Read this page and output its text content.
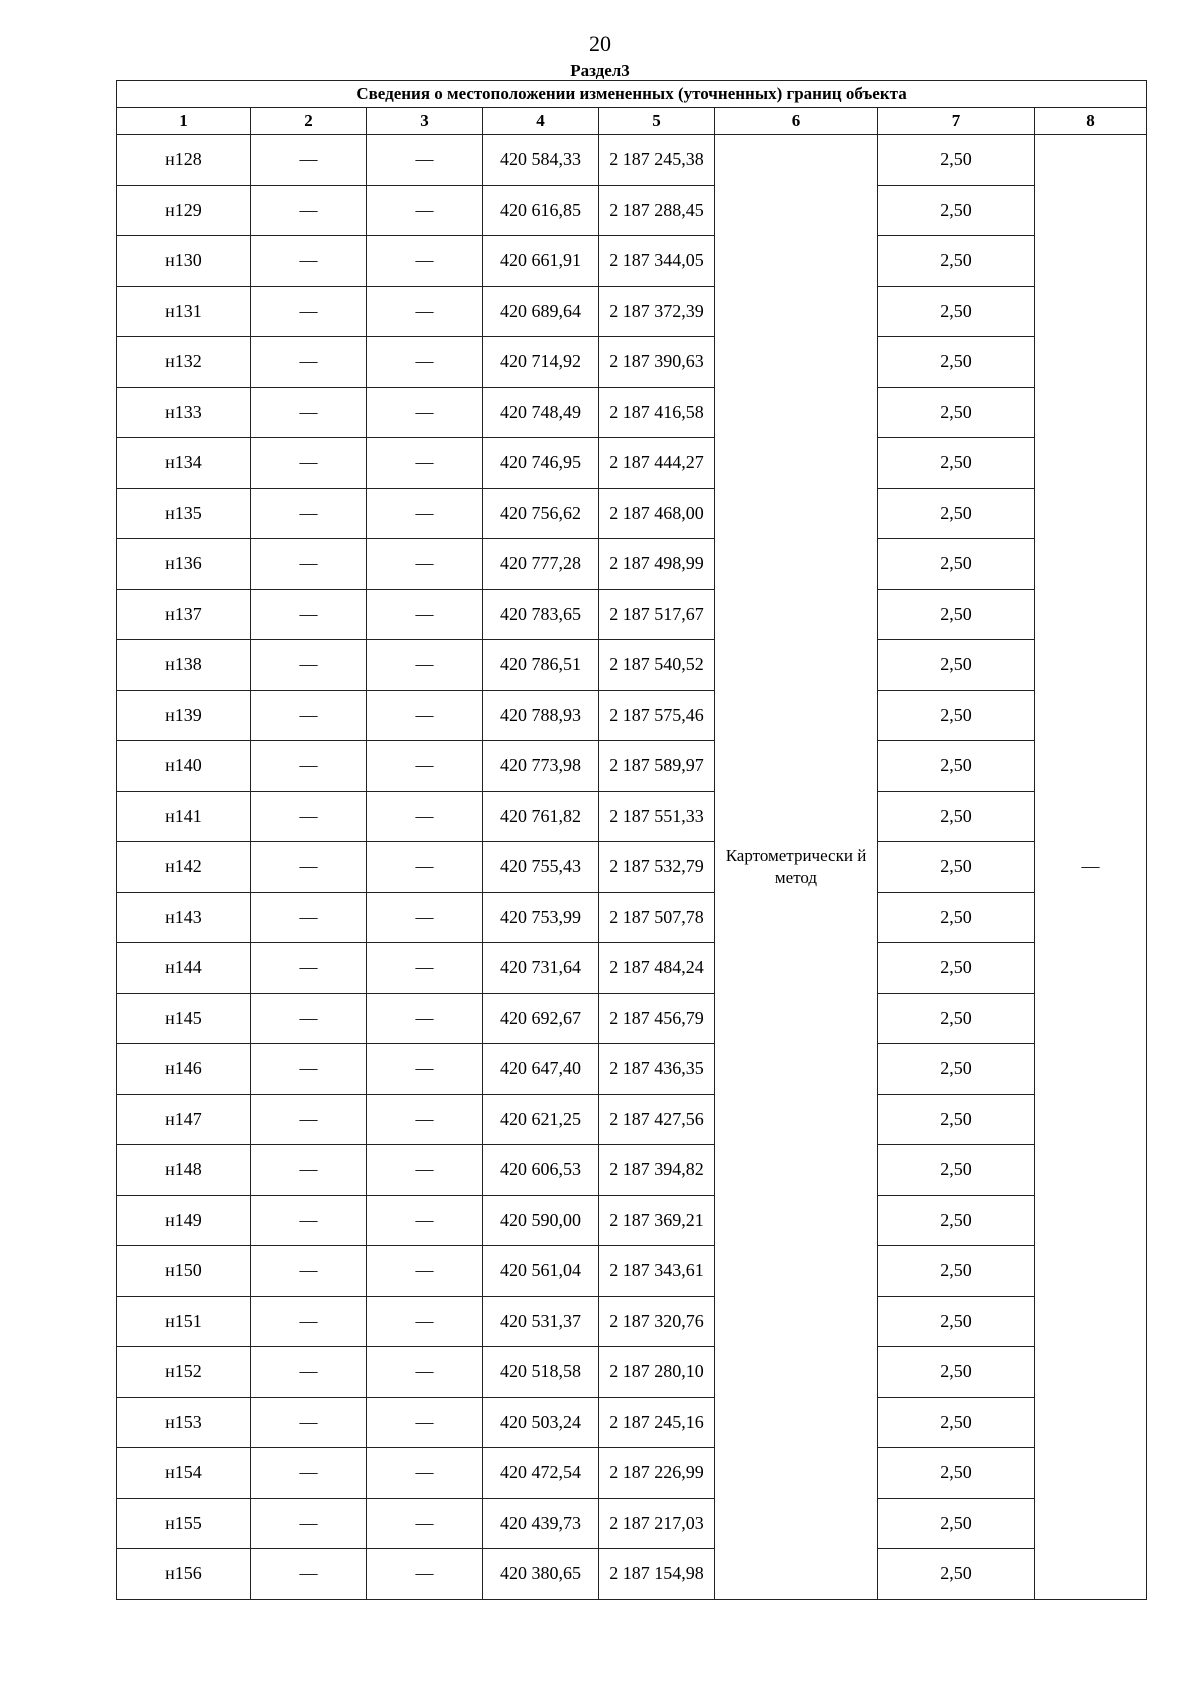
20
Раздел3
Сведения о местоположении измененных (уточненных) границ объекта							
1	2	3	4	5	6	7	8
н128	—	—	420 584,33	2 187 245,38	Картометрически й метод	2,50	—
н129	—	—	420 616,85	2 187 288,45		2,50	
н130	—	—	420 661,91	2 187 344,05		2,50	
н131	—	—	420 689,64	2 187 372,39		2,50	
н132	—	—	420 714,92	2 187 390,63		2,50	
н133	—	—	420 748,49	2 187 416,58		2,50	
н134	—	—	420 746,95	2 187 444,27		2,50	
н135	—	—	420 756,62	2 187 468,00		2,50	
н136	—	—	420 777,28	2 187 498,99		2,50	
н137	—	—	420 783,65	2 187 517,67		2,50	
н138	—	—	420 786,51	2 187 540,52		2,50	
н139	—	—	420 788,93	2 187 575,46		2,50	
н140	—	—	420 773,98	2 187 589,97		2,50	
н141	—	—	420 761,82	2 187 551,33		2,50	
н142	—	—	420 755,43	2 187 532,79		2,50	
н143	—	—	420 753,99	2 187 507,78		2,50	
н144	—	—	420 731,64	2 187 484,24		2,50	
н145	—	—	420 692,67	2 187 456,79		2,50	
н146	—	—	420 647,40	2 187 436,35		2,50	
н147	—	—	420 621,25	2 187 427,56		2,50	
н148	—	—	420 606,53	2 187 394,82		2,50	
н149	—	—	420 590,00	2 187 369,21		2,50	
н150	—	—	420 561,04	2 187 343,61		2,50	
н151	—	—	420 531,37	2 187 320,76		2,50	
н152	—	—	420 518,58	2 187 280,10		2,50	
н153	—	—	420 503,24	2 187 245,16		2,50	
н154	—	—	420 472,54	2 187 226,99		2,50	
н155	—	—	420 439,73	2 187 217,03		2,50	
н156	—	—	420 380,65	2 187 154,98		2,50	
